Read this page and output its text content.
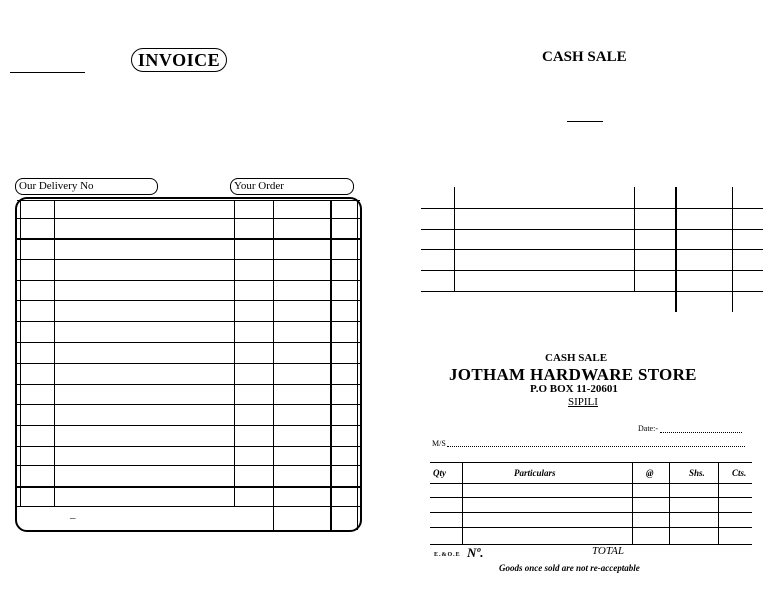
INVOICE
Our Delivery No	Your Order
–
CASH SALE
CASH SALE
JOTHAM HARDWARE STORE
P.O BOX 11-20601
SIPILI
Date:-
M/S
Qty	Particulars	@	Shs.	Cts.
E.&O.E Nº.	TOTAL
Goods once sold are not re-acceptable
